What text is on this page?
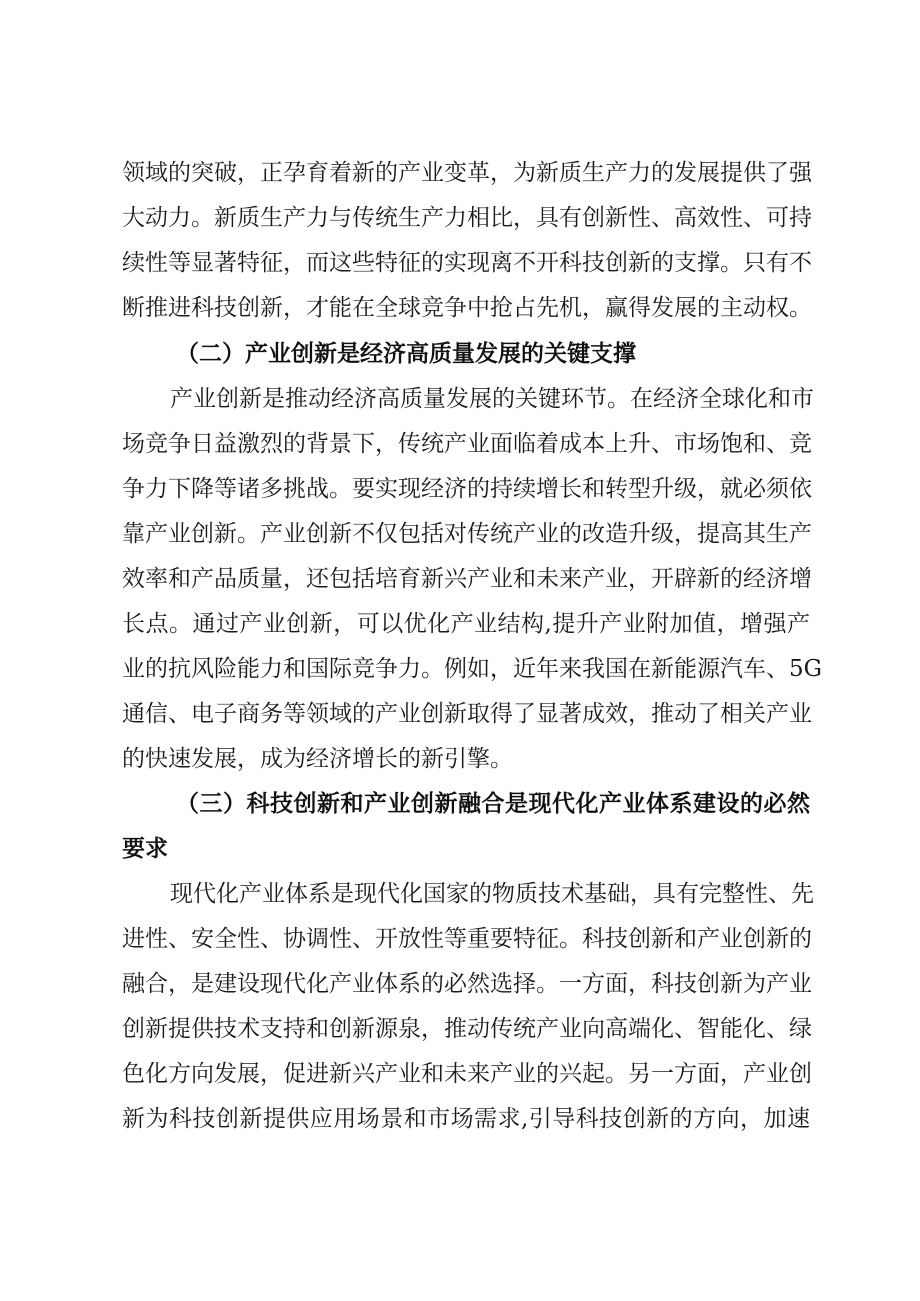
领域的突破，正孕育着新的产业变革，为新质生产力的发展提供了强
大动力。新质生产力与传统生产力相比，具有创新性、高效性、可持
续性等显著特征，而这些特征的实现离不开科技创新的支撑。只有不
断推进科技创新，才能在全球竞争中抢占先机，赢得发展的主动权。
（二）产业创新是经济高质量发展的关键支撑
产业创新是推动经济高质量发展的关键环节。在经济全球化和市
场竞争日益激烈的背景下，传统产业面临着成本上升、市场饱和、竞
争力下降等诸多挑战。要实现经济的持续增长和转型升级，就必须依
靠产业创新。产业创新不仅包括对传统产业的改造升级，提高其生产
效率和产品质量，还包括培育新兴产业和未来产业，开辟新的经济增
长点。通过产业创新，可以优化产业结构,提升产业附加值，增强产
业的抗风险能力和国际竞争力。例如，近年来我国在新能源汽车、5G
通信、电子商务等领域的产业创新取得了显著成效，推动了相关产业
的快速发展，成为经济增长的新引擎。
（三）科技创新和产业创新融合是现代化产业体系建设的必然
要求
现代化产业体系是现代化国家的物质技术基础，具有完整性、先
进性、安全性、协调性、开放性等重要特征。科技创新和产业创新的
融合，是建设现代化产业体系的必然选择。一方面，科技创新为产业
创新提供技术支持和创新源泉，推动传统产业向高端化、智能化、绿
色化方向发展，促进新兴产业和未来产业的兴起。另一方面，产业创
新为科技创新提供应用场景和市场需求,引导科技创新的方向，加速
